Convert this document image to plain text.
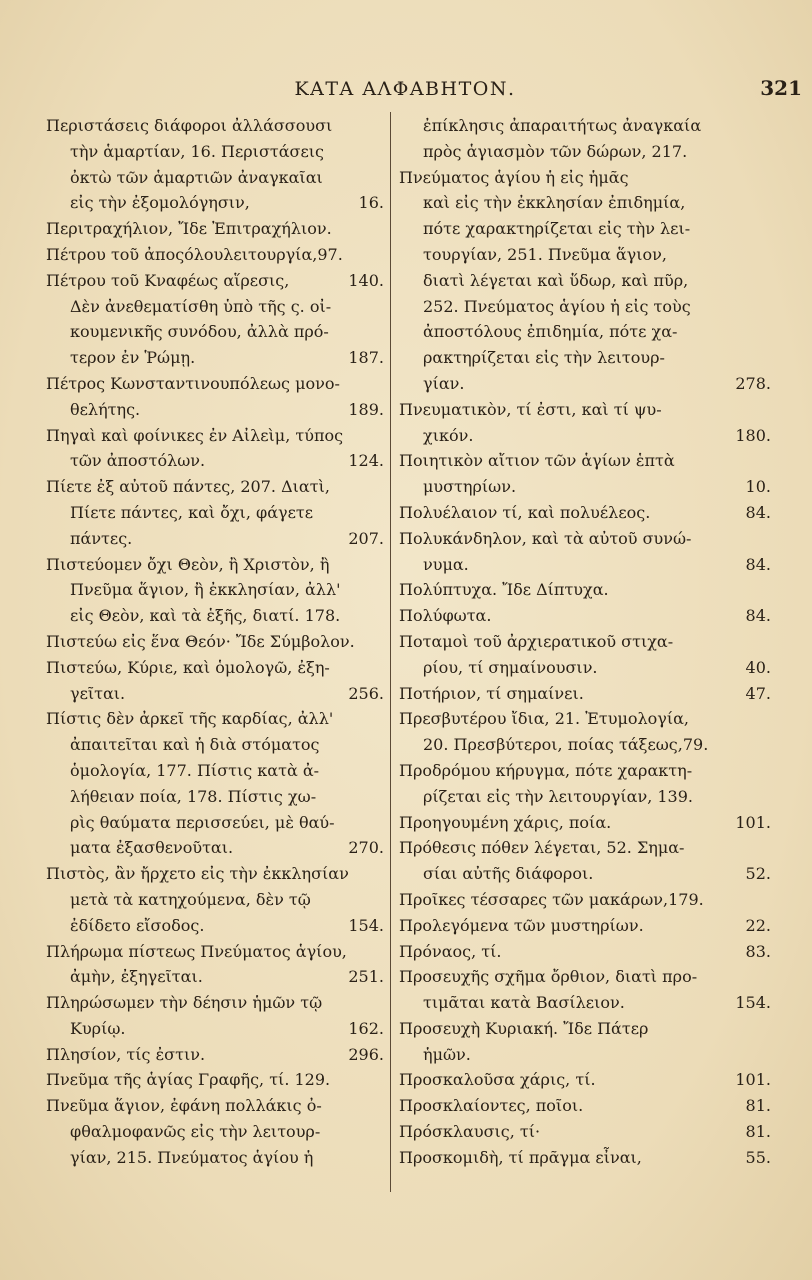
ΚΑΤΑ ΑΛΦΑΒΗΤΟΝ.	321
Περιστάσεις διάφοροι ἀλλάσσουσι
τὴν ἁμαρτίαν, 16. Περιστάσεις
ὀκτὼ τῶν ἁμαρτιῶν ἀναγκαῖαι
εἰς τὴν ἐξομολόγησιν,	16.
Περιτραχήλιον, Ἴδε Ἐπιτραχήλιον.
Πέτρου τοῦ ἀποςόλουλειτουργία,97.
Πέτρου τοῦ Κναφέως αἵρεσις,	140.
Δὲν ἀνεθεματίσθη ὑπὸ τῆς ς. οἰ-
κουμενικῆς συνόδου, ἀλλὰ πρό-
τερον ἐν Ῥώμῃ.	187.
Πέτρος Κωνσταντινουπόλεως μονο-
θελήτης.	189.
Πηγαὶ καὶ φοίνικες ἐν Αἰλεὶμ, τύπος
τῶν ἀποστόλων.	124.
Πίετε ἐξ αὐτοῦ πάντες, 207. Διατὶ,
Πίετε πάντες, καὶ ὄχι, φάγετε
πάντες.	207.
Πιστεύομεν ὄχι Θεὸν, ἢ Χριστὸν, ἢ
Πνεῦμα ἅγιον, ἢ ἐκκλησίαν, ἀλλ'
εἰς Θεὸν, καὶ τὰ ἑξῆς, διατί. 178.
Πιστεύω εἰς ἕνα Θεόν· Ἴδε Σύμβολον.
Πιστεύω, Κύριε, καὶ ὁμολογῶ, ἐξη-
γεῖται.	256.
Πίστις δὲν ἀρκεῖ τῆς καρδίας, ἀλλ'
ἀπαιτεῖται καὶ ἡ διὰ στόματος
ὁμολογία, 177. Πίστις κατὰ ἀ-
λήθειαν ποία, 178. Πίστις χω-
ρὶς θαύματα περισσεύει, μὲ θαύ-
ματα ἐξασθενοῦται.	270.
Πιστὸς, ἂν ἤρχετο εἰς τὴν ἐκκλησίαν
μετὰ τὰ κατηχούμενα, δὲν τῷ
ἐδίδετο εἴσοδος.	154.
Πλήρωμα πίστεως Πνεύματος ἁγίου,
ἀμὴν, ἐξηγεῖται.	251.
Πληρώσωμεν τὴν δέησιν ἡμῶν τῷ
Κυρίῳ.	162.
Πλησίον, τίς ἐστιν.	296.
Πνεῦμα τῆς ἁγίας Γραφῆς, τί. 129.
Πνεῦμα ἅγιον, ἐφάνη πολλάκις ὀ-
φθαλμοφανῶς εἰς τὴν λειτουρ-
γίαν, 215. Πνεύματος ἁγίου ἡ
ἐπίκλησις ἀπαραιτήτως ἀναγκαία
πρὸς ἁγιασμὸν τῶν δώρων, 217.
Πνεύματος ἁγίου ἡ εἰς ἡμᾶς
καὶ εἰς τὴν ἐκκλησίαν ἐπιδημία,
πότε χαρακτηρίζεται εἰς τὴν λει-
τουργίαν, 251. Πνεῦμα ἅγιον,
διατὶ λέγεται καὶ ὕδωρ, καὶ πῦρ,
252. Πνεύματος ἁγίου ἡ εἰς τοὺς
ἀποστόλους ἐπιδημία, πότε χα-
ρακτηρίζεται εἰς τὴν λειτουρ-
γίαν.	278.
Πνευματικὸν, τί ἐστι, καὶ τί ψυ-
χικόν.	180.
Ποιητικὸν αἴτιον τῶν ἁγίων ἑπτὰ
μυστηρίων.	10.
Πολυέλαιον τί, καὶ πολυέλεος.	84.
Πολυκάνδηλον, καὶ τὰ αὐτοῦ συνώ-
νυμα.	84.
Πολύπτυχα. Ἴδε Δίπτυχα.
Πολύφωτα.	84.
Ποταμοὶ τοῦ ἀρχιερατικοῦ στιχα-
ρίου, τί σημαίνουσιν.	40.
Ποτήριον, τί σημαίνει.	47.
Πρεσβυτέρου ἴδια, 21. Ἐτυμολογία,
20. Πρεσβύτεροι, ποίας τάξεως,79.
Προδρόμου κήρυγμα, πότε χαρακτη-
ρίζεται εἰς τὴν λειτουργίαν, 139.
Προηγουμένη χάρις, ποία.	101.
Πρόθεσις πόθεν λέγεται, 52. Σημα-
σίαι αὐτῆς διάφοροι.	52.
Προῖκες τέσσαρες τῶν μακάρων,179.
Προλεγόμενα τῶν μυστηρίων.	22.
Πρόναος, τί.	83.
Προσευχῆς σχῆμα ὄρθιον, διατὶ προ-
τιμᾶται κατὰ Βασίλειον.	154.
Προσευχὴ Κυριακή. Ἴδε Πάτερ
ἡμῶν.
Προσκαλοῦσα χάρις, τί.	101.
Προσκλαίοντες, ποῖοι.	81.
Πρόσκλαυσις, τί·	81.
Προσκομιδὴ, τί πρᾶγμα εἶναι,	55.
